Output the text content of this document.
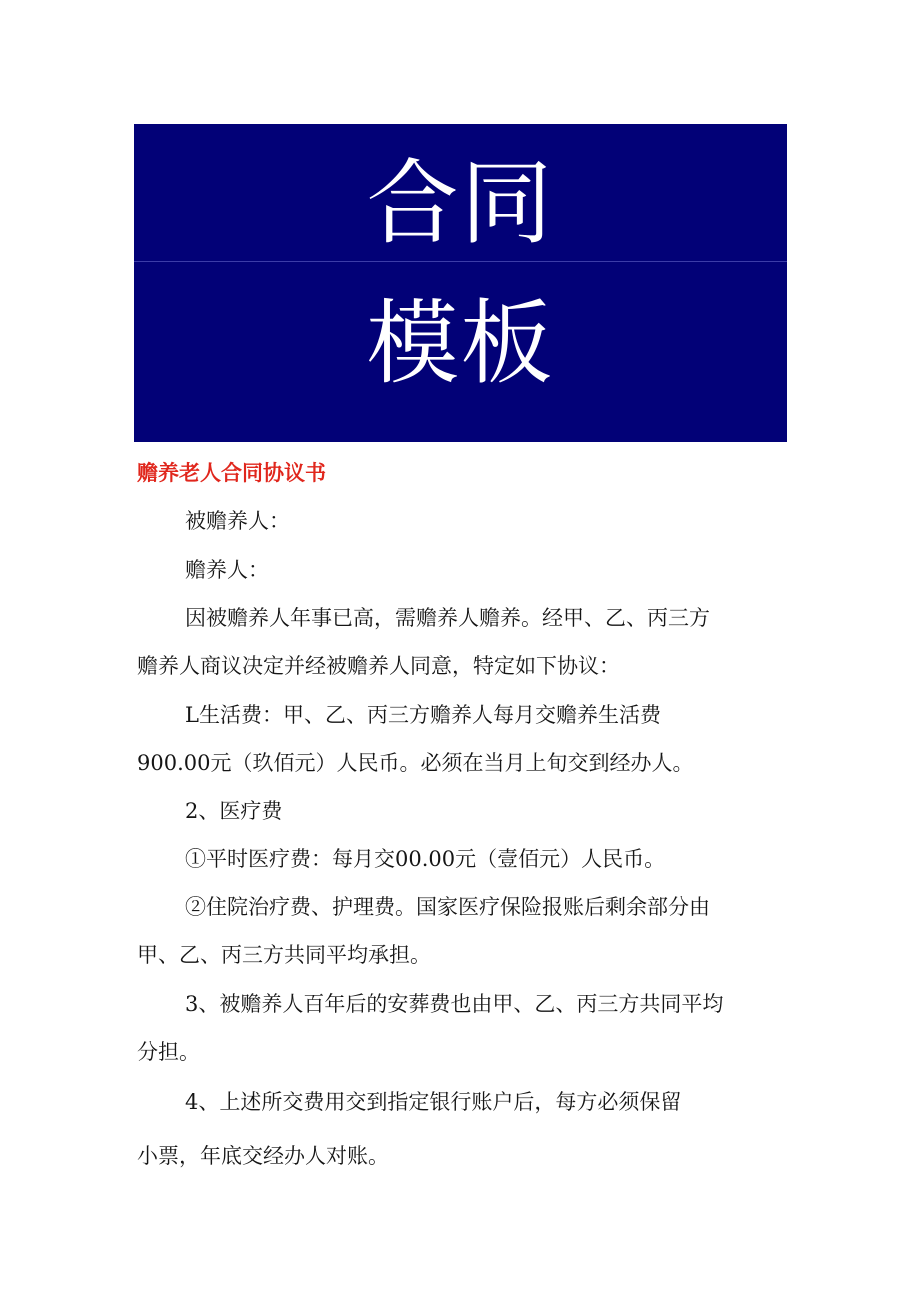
合同
模板
赡养老人合同协议书
被赡养人：
赡养人：
因被赡养人年事已高，需赡养人赡养。经甲、乙、丙三方
赡养人商议决定并经被赡养人同意，特定如下协议：
L生活费：甲、乙、丙三方赡养人每月交赡养生活费
900.00元（玖佰元）人民币。必须在当月上旬交到经办人。
2、医疗费
①平时医疗费：每月交00.00元（壹佰元）人民币。
②住院治疗费、护理费。国家医疗保险报账后剩余部分由
甲、乙、丙三方共同平均承担。
3、被赡养人百年后的安葬费也由甲、乙、丙三方共同平均
分担。
4、上述所交费用交到指定银行账户后，每方必须保留
小票，年底交经办人对账。
